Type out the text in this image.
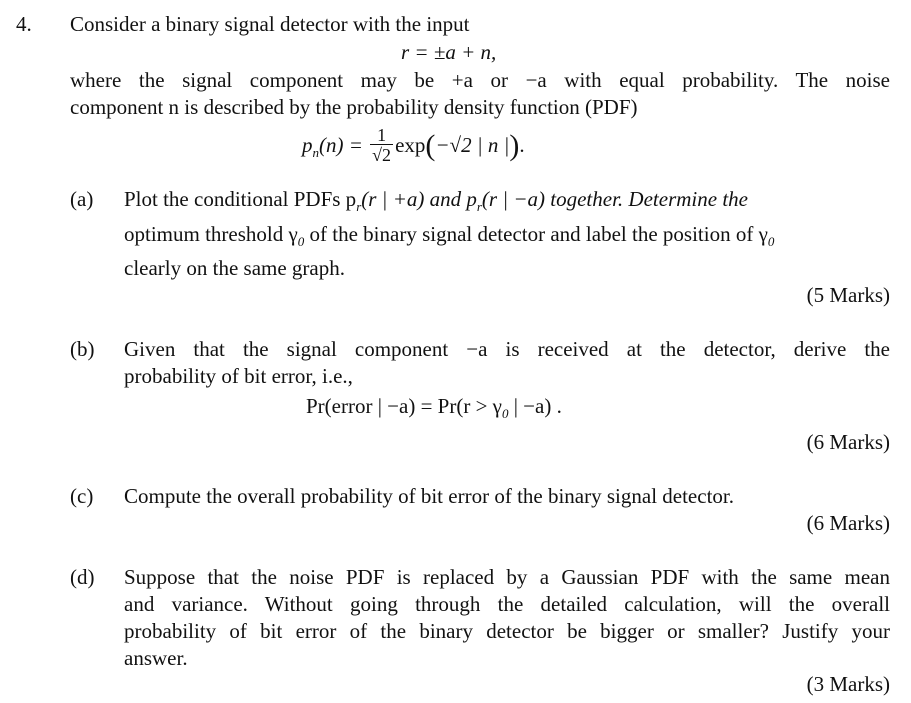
4. Consider a binary signal detector with the input
r = ±a + n,
where the signal component may be +a or −a with equal probability. The noise
component n is described by the probability density function (PDF)
$p_n(n) = \frac{1}{√2} \exp(-√2$ | n |).
(a) Plot the conditional PDFs $p_r(r$ | +a) and $p_r(r$ | −a) together. Determine the
optimum threshold $\gamma_0$ of the binary signal detector and label the position of $\gamma_0$
clearly on the same graph.
(5 Marks)
(b) Given that the signal component −a is received at the detector, derive the
probability of bit error, i.e.,
Pr(error | $-a) = Pr(r > \gamma_0$ | −a) .
(6 Marks)
(c) Compute the overall probability of bit error of the binary signal detector.
(6 Marks)
(d) Suppose that the noise PDF is replaced by a Gaussian PDF with the same mean
and variance. Without going through the detailed calculation, will the overall
probability of bit error of the binary detector be bigger or smaller? Justify your
answer.
(3 Marks)
